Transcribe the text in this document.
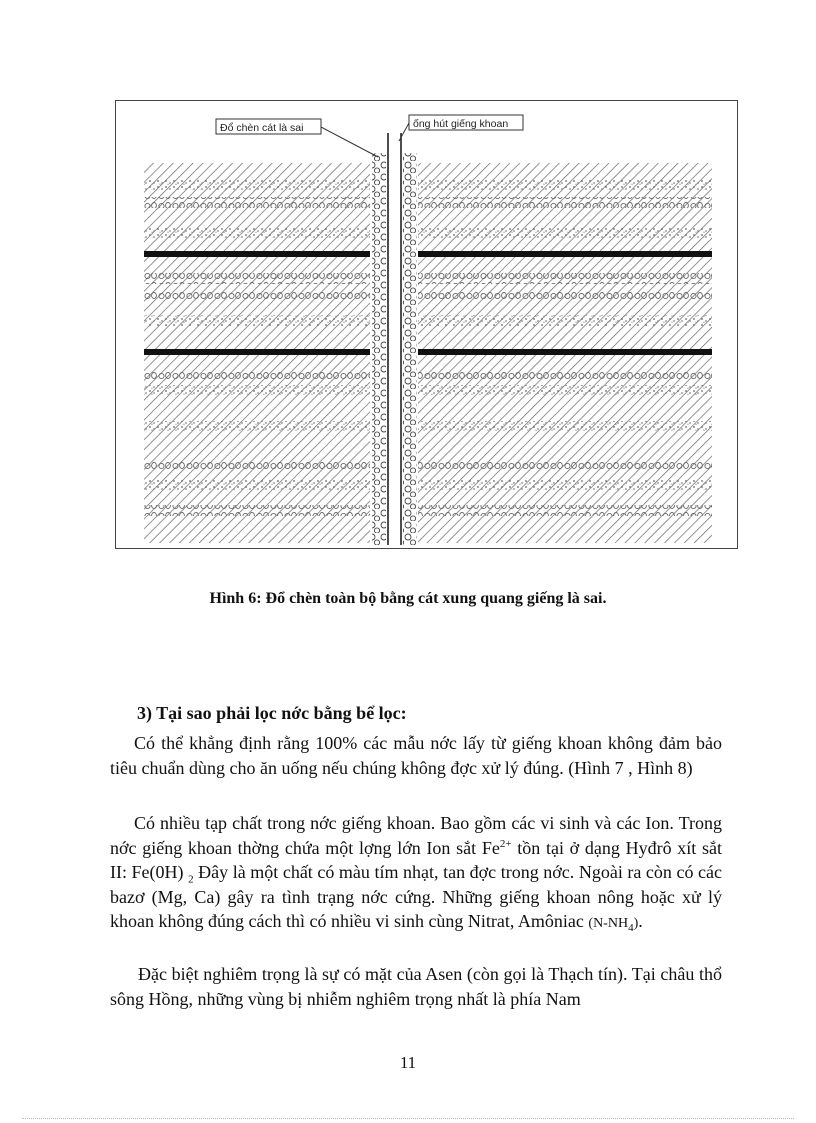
Đổ chèn cát là sai	ống hút giếng khoan
Hình 6: Đổ chèn toàn bộ bằng cát xung quang giếng là sai.
3) Tại sao phải lọc nớc bằng bể lọc:

Có thể khẳng định rằng 100% các mẫu nớc lấy từ giếng khoan không đảm bảo tiêu chuẩn dùng cho ăn uống nếu chúng không đợc xử lý đúng. (Hình 7 , Hình 8)

Có nhiều tạp chất trong nớc giếng khoan. Bao gồm các vi sinh và các Ion. Trong nớc giếng khoan thờng chứa một lợng lớn Ion sắt $Fe^{2+}$ tồn tại ở dạng Hyđrô xít sắt II: Fe(0H) $_2$ Đây là một chất có màu tím nhạt, tan đợc trong nớc. Ngoài ra còn có các bazơ (Mg, Ca) gây ra tình trạng nớc cứng. Những giếng khoan nông hoặc xử lý khoan không đúng cách thì có nhiều vi sinh cùng Nitrat, Amôniac $(N-NH_4)$.

Đặc biệt nghiêm trọng là sự có mặt của Asen (còn gọi là Thạch tín). Tại châu thổ sông Hồng, những vùng bị nhiễm nghiêm trọng nhất là phía Nam

11
